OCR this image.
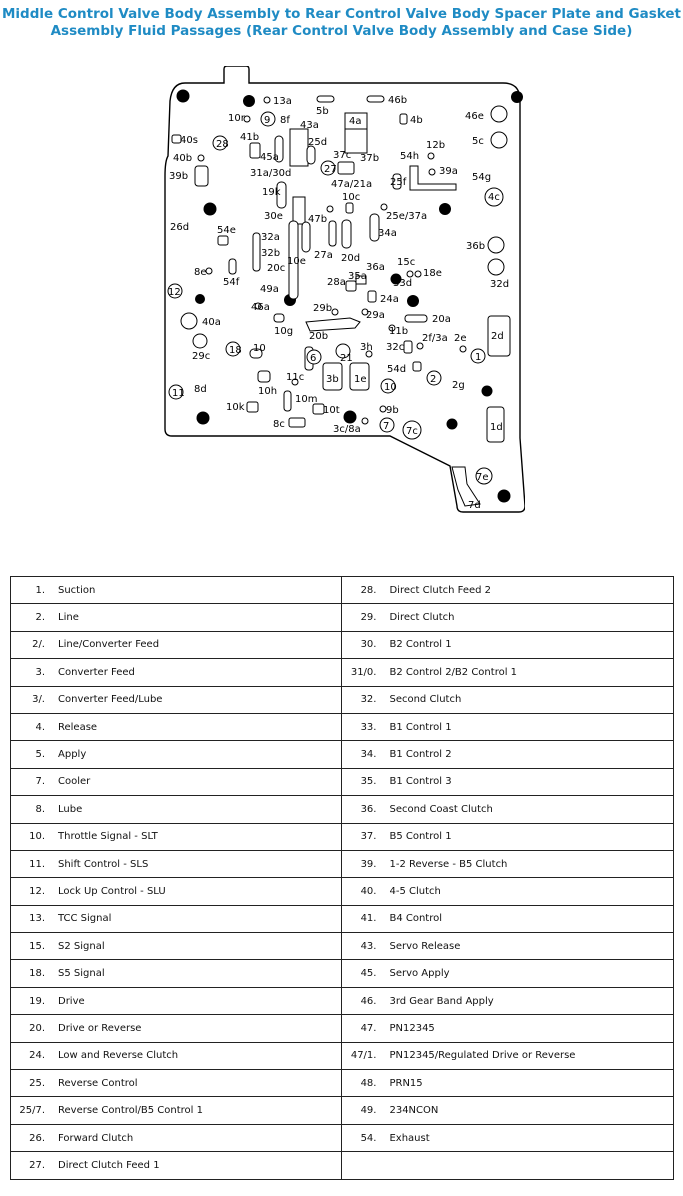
Middle Control Valve Body Assembly to Rear Control Valve Body Spacer Plate and Gasket
Assembly Fluid Passages (Rear Control Valve Body Assembly and Case Side)
13a	46b
10r 9 8f
5b
4a	4b	46e
41b
43a
40s 28	5c
25d
45a	37c 37b
40b
12b
54h
39b
27
31a/30d
47a/21a
39a
54g
25f
19k	10c	4c
30e	47b	25e/37a
26d	54e
32a	34a
36b
32b	27a 20d
20c
15c
10e
8e	35a
36a
18e
54f	33d	32d
12
28a
49a
24a
46a	29b
29a
40a	20a
10g 20b	11b
2f/3a 2e
18 10
29c	6
3h 32c
2d
21	1
54d
11c 3b 1e	2
2g
10h
10m
11 8d	10
10k	10t	9b
8c	3c/8a 7 7c	1d
7e
7d
1. Suction	28. Direct Clutch Feed 2
2. Line	29. Direct Clutch
2/. Line/Converter Feed	30. B2 Control 1
3. Converter Feed	31/0. B2 Control 2/B2 Control 1
3/. Converter Feed/Lube	32. Second Clutch
4. Release	33. B1 Control 1
5. Apply	34. B1 Control 2
7. Cooler	35. B1 Control 3
8. Lube	36. Second Coast Clutch
10. Throttle Signal - SLT	37. B5 Control 1
11. Shift Control - SLS	39. 1-2 Reverse - B5 Clutch
12. Lock Up Control - SLU	40. 4-5 Clutch
13. TCC Signal	41. B4 Control
15. S2 Signal	43. Servo Release
18. S5 Signal	45. Servo Apply
19. Drive	46. 3rd Gear Band Apply
20. Drive or Reverse	47. PN12345
24. Low and Reverse Clutch	47/1. PN12345/Regulated Drive or Reverse
25. Reverse Control	48. PRN15
25/7. Reverse Control/B5 Control 1	49. 234NCON
26. Forward Clutch	54. Exhaust
27. Direct Clutch Feed 1	
